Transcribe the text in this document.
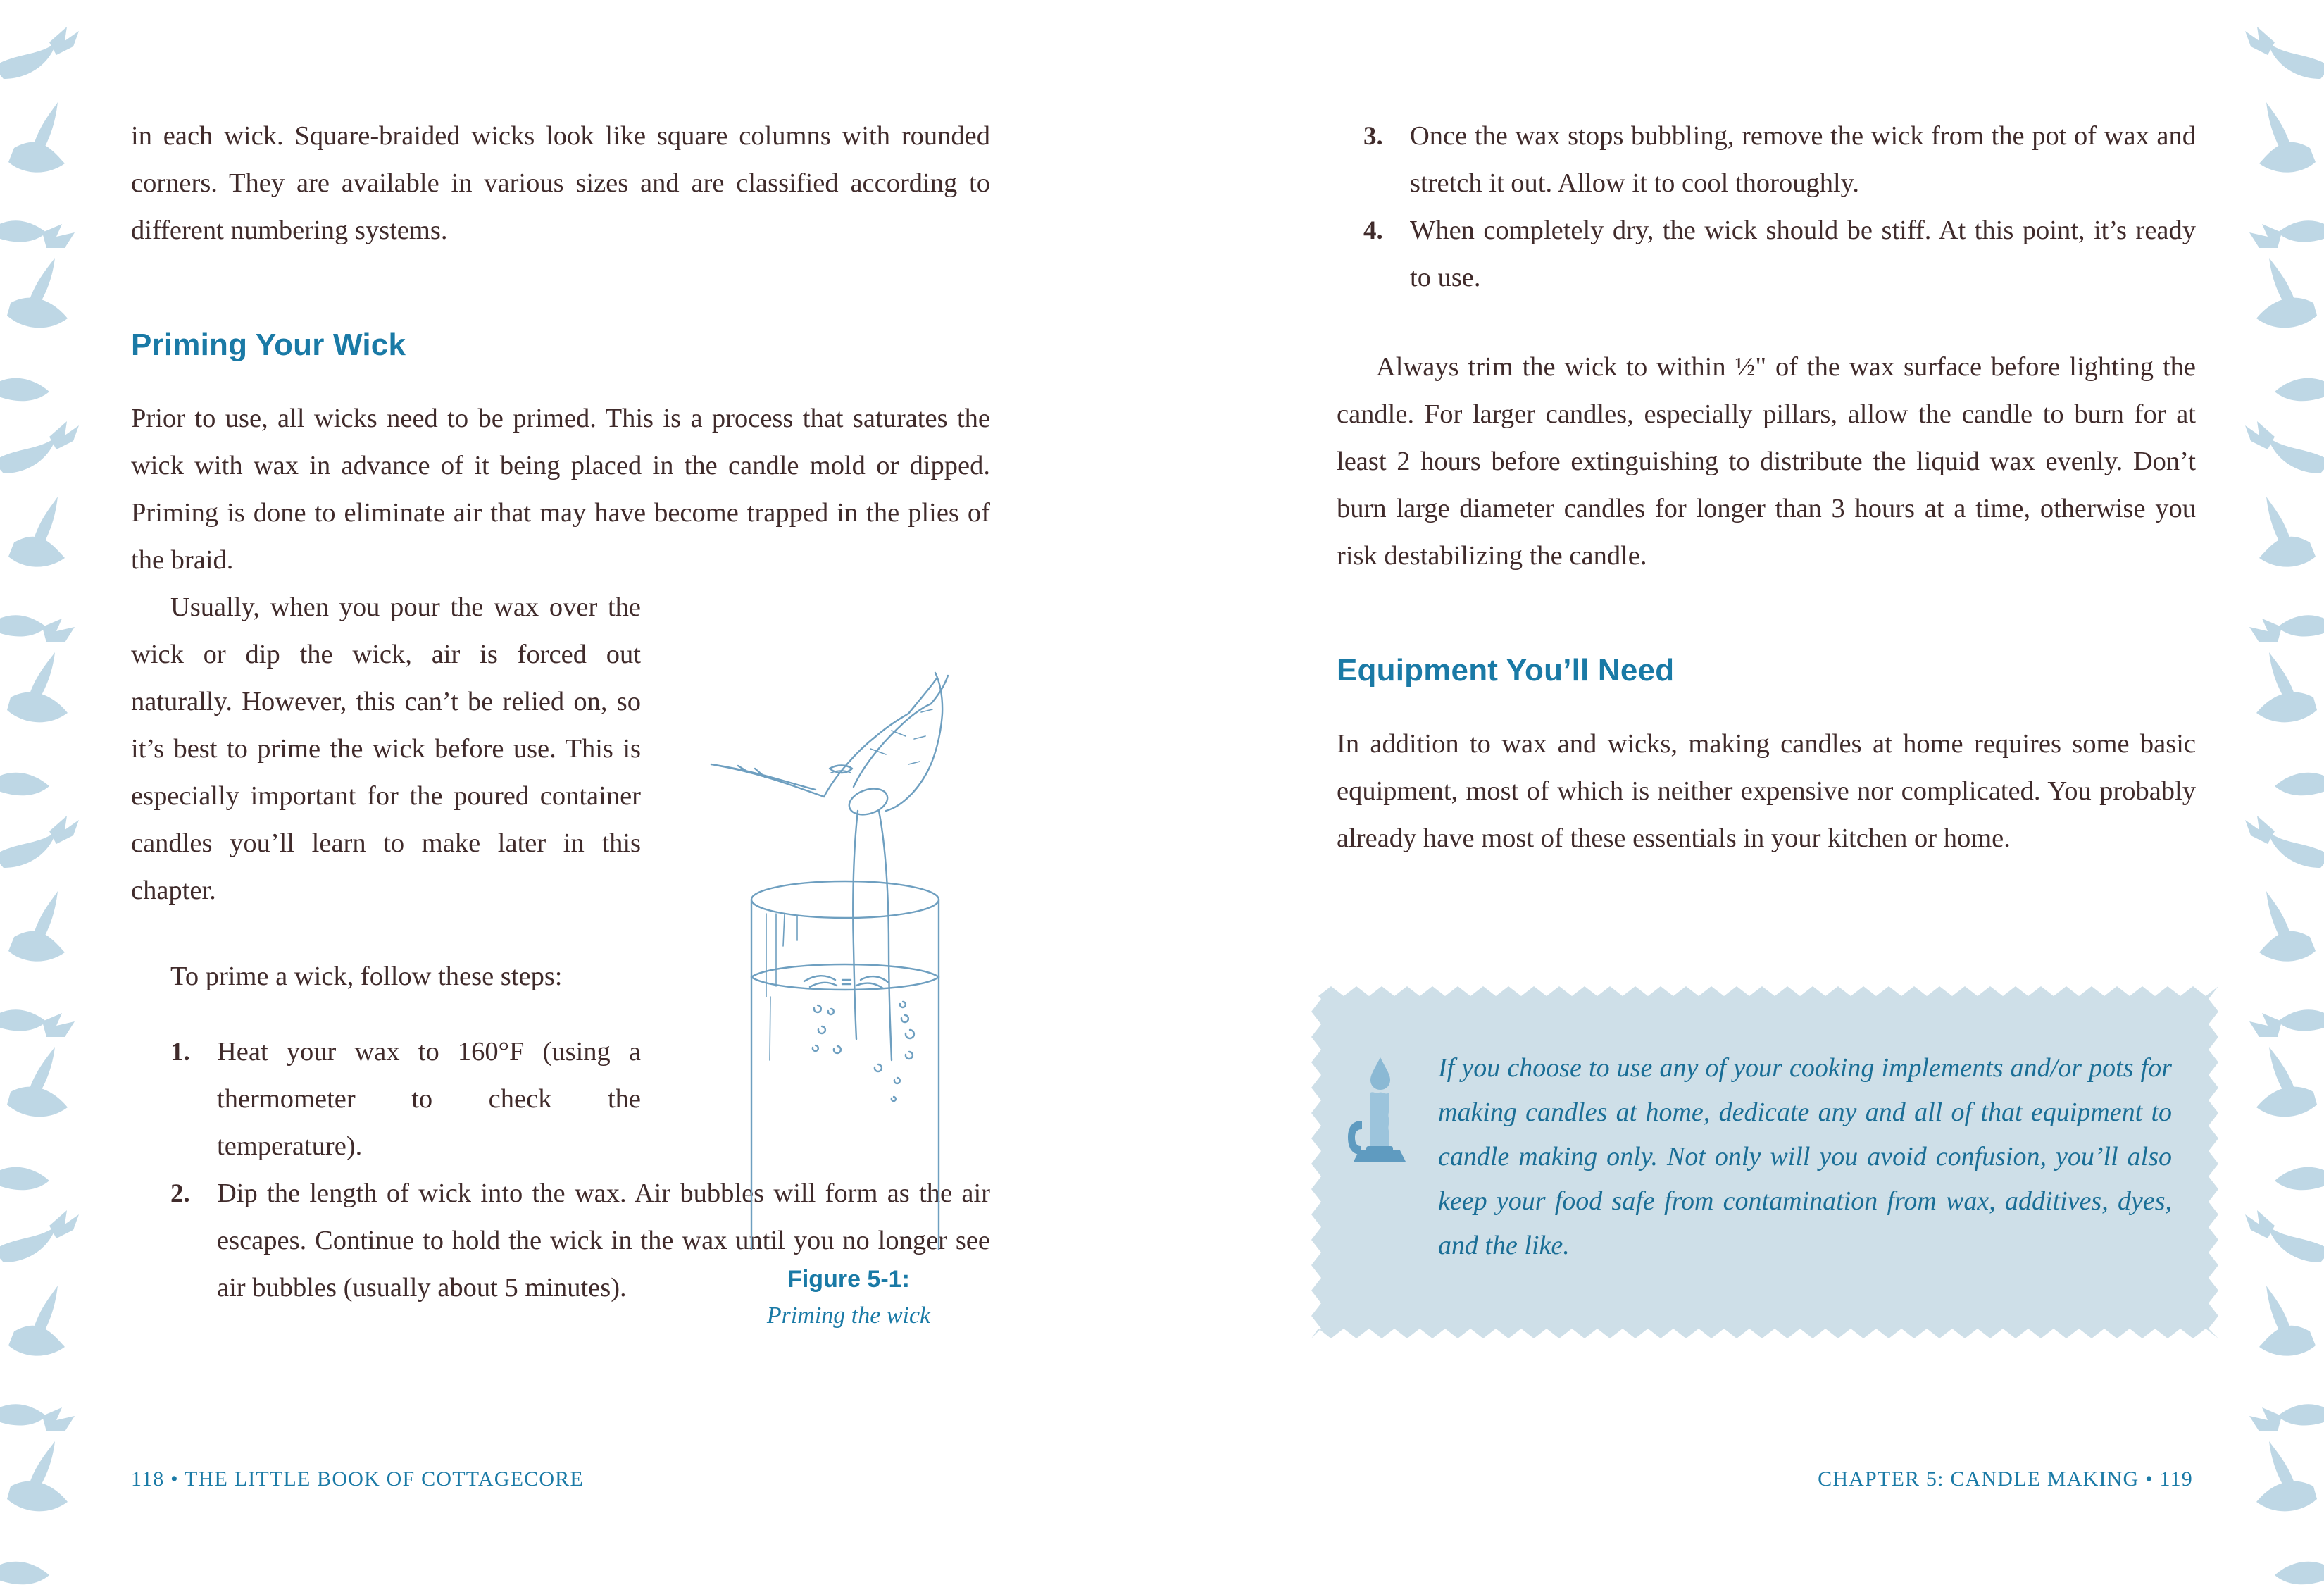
in each wick. Square-braided wicks look like square columns with rounded corners. They are available in various sizes and are classified according to different numbering systems.

Priming Your Wick

Prior to use, all wicks need to be primed. This is a process that saturates the wick with wax in advance of it being placed in the candle mold or dipped. Priming is done to eliminate air that may have become trapped in the plies of the braid.

Usually, when you pour the wax over the wick or dip the wick, air is forced out naturally. However, this can’t be relied on, so it’s best to prime the wick before use. This is especially important for the poured container candles you’ll learn to make later in this chapter.

To prime a wick, follow these steps:

1. Heat your wax to 160°F (using a thermometer to check the temperature).
2. Dip the length of wick into the wax. Air bubbles will form as the air escapes. Continue to hold the wick in the wax until you no longer see air bubbles (usually about 5 minutes).	Figure 5-1:
Priming the wick
3. Once the wax stops bubbling, remove the wick from the pot of wax and stretch it out. Allow it to cool thoroughly.
4. When completely dry, the wick should be stiff. At this point, it’s ready to use.

Always trim the wick to within ½" of the wax surface before lighting the candle. For larger candles, especially pillars, allow the candle to burn for at least 2 hours before extinguishing to distribute the liquid wax evenly. Don’t burn large diameter candles for longer than 3 hours at a time, otherwise you risk destabilizing the candle.

Equipment You’ll Need

In addition to wax and wicks, making candles at home requires some basic equipment, most of which is neither expensive nor complicated. You probably already have most of these essentials in your kitchen or home.

If you choose to use any of your cooking implements and/or pots for making candles at home, dedicate any and all of that equipment to candle making only. Not only will you avoid confusion, you’ll also keep your food safe from contamination from wax, additives, dyes, and the like.

118 • THE LITTLE BOOK OF COTTAGECORE	CHAPTER 5: CANDLE MAKING • 119
